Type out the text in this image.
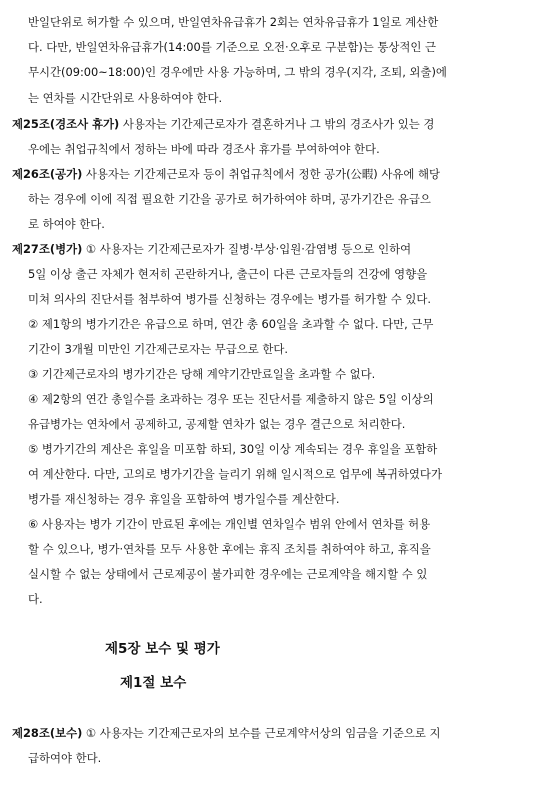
반일단위로 허가할 수 있으며, 반일연차유급휴가 2회는 연차유급휴가 1일로 계산한
다. 다만, 반일연차유급휴가(14:00를 기준으로 오전·오후로 구분함)는 통상적인 근
무시간(09:00~18:00)인 경우에만 사용 가능하며, 그 밖의 경우(지각, 조퇴, 외출)에
는 연차를 시간단위로 사용하여야 한다.
제25조(경조사 휴가) 사용자는 기간제근로자가 결혼하거나 그 밖의 경조사가 있는 경
우에는 취업규칙에서 정하는 바에 따라 경조사 휴가를 부여하여야 한다.
제26조(공가) 사용자는 기간제근로자 등이 취업규칙에서 정한 공가(公暇) 사유에 해당
하는 경우에 이에 직접 필요한 기간을 공가로 허가하여야 하며, 공가기간은 유급으
로 하여야 한다.
제27조(병가) ① 사용자는 기간제근로자가 질병·부상·입원·감염병 등으로 인하여
5일 이상 출근 자체가 현저히 곤란하거나, 출근이 다른 근로자들의 건강에 영향을
미쳐 의사의 진단서를 첨부하여 병가를 신청하는 경우에는 병가를 허가할 수 있다.
② 제1항의 병가기간은 유급으로 하며, 연간 총 60일을 초과할 수 없다. 다만, 근무
기간이 3개월 미만인 기간제근로자는 무급으로 한다.
③ 기간제근로자의 병가기간은 당해 계약기간만료일을 초과할 수 없다.
④ 제2항의 연간 총일수를 초과하는 경우 또는 진단서를 제출하지 않은 5일 이상의
유급병가는 연차에서 공제하고, 공제할 연차가 없는 경우 결근으로 처리한다.
⑤ 병가기간의 계산은 휴일을 미포함 하되, 30일 이상 계속되는 경우 휴일을 포함하
여 계산한다. 다만, 고의로 병가기간을 늘리기 위해 일시적으로 업무에 복귀하였다가
병가를 재신청하는 경우 휴일을 포함하여 병가일수를 계산한다.
⑥ 사용자는 병가 기간이 만료된 후에는 개인별 연차일수 범위 안에서 연차를 허용
할 수 있으나, 병가·연차를 모두 사용한 후에는 휴직 조치를 취하여야 하고, 휴직을
실시할 수 없는 상태에서 근로제공이 불가피한 경우에는 근로계약을 해지할 수 있
다.
제5장 보수 및 평가
제1절 보수
제28조(보수) ① 사용자는 기간제근로자의 보수를 근로계약서상의 임금을 기준으로 지
급하여야 한다.
